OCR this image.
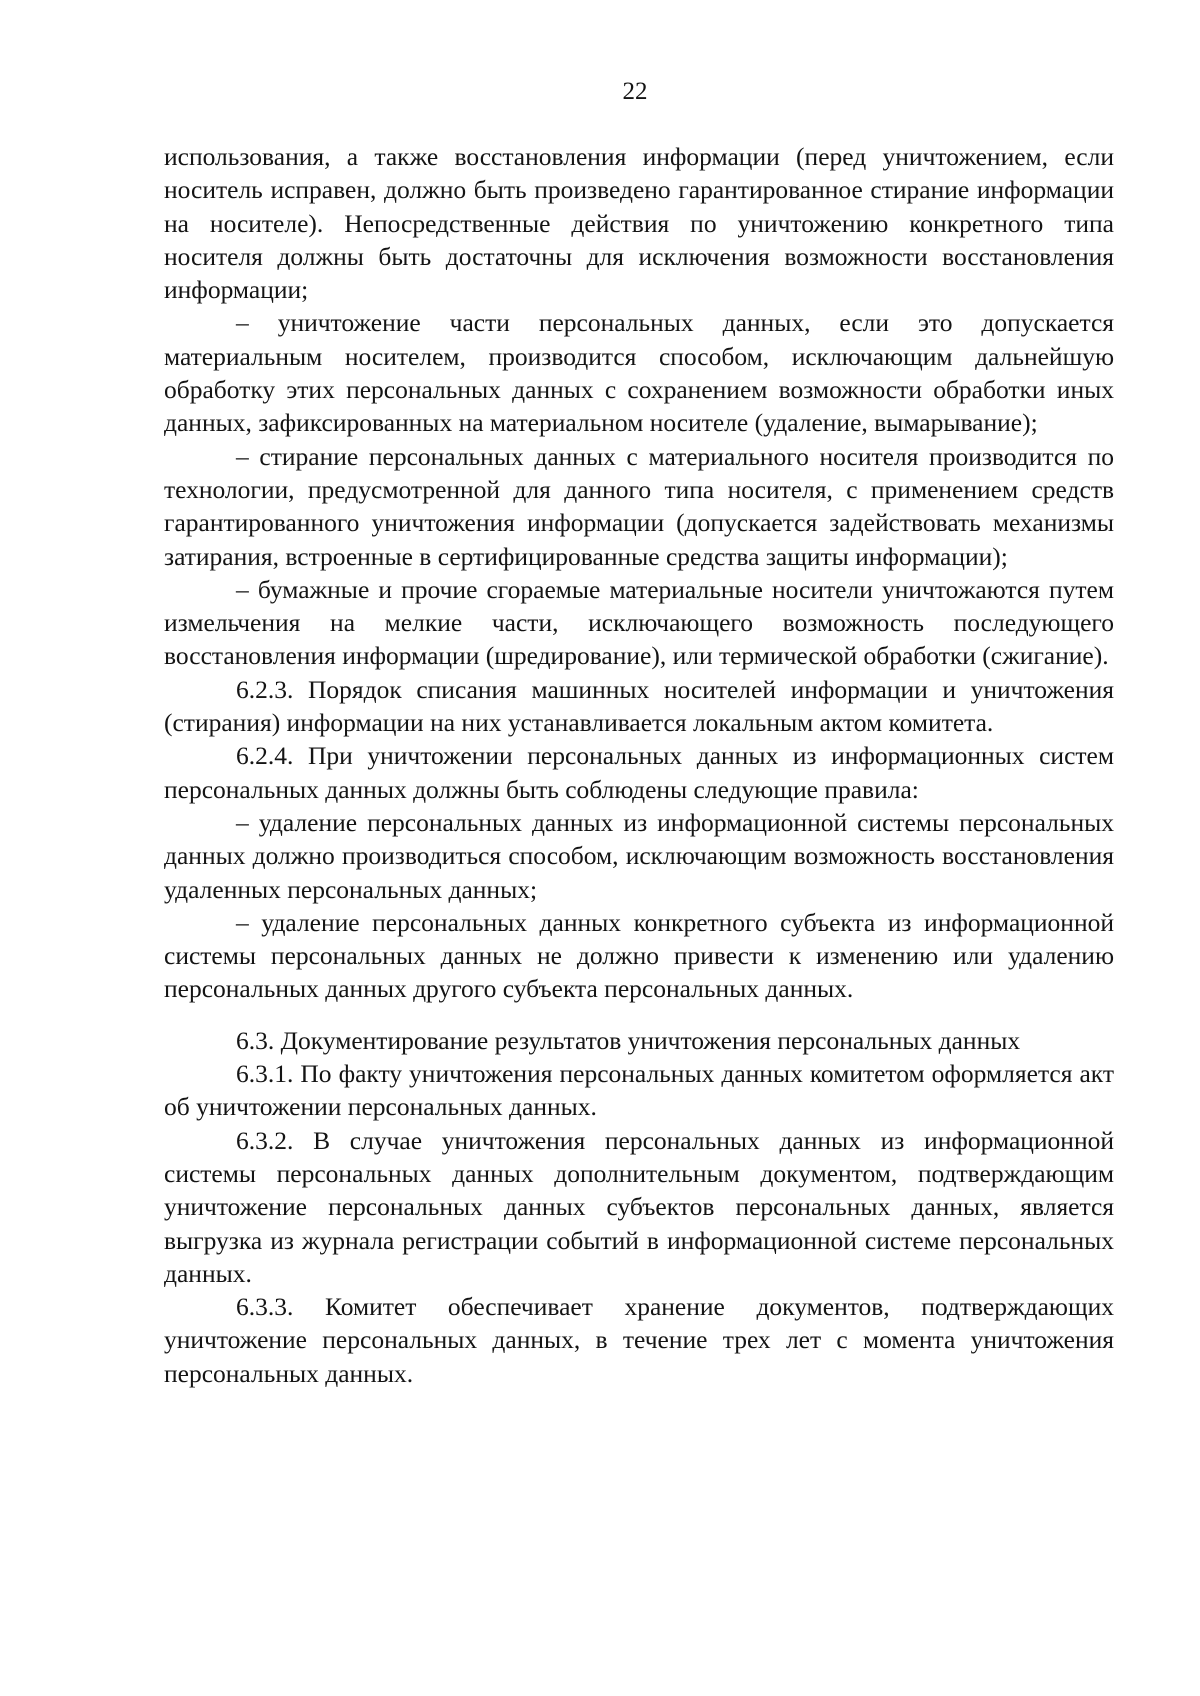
22

использования, а также восстановления информации (перед уничтожением, если носитель исправен, должно быть произведено гарантированное стирание информации на носителе). Непосредственные действия по уничтожению конкретного типа носителя должны быть достаточны для исключения возможности восстановления информации;

– уничтожение части персональных данных, если это допускается материальным носителем, производится способом, исключающим дальнейшую обработку этих персональных данных с сохранением возможности обработки иных данных, зафиксированных на материальном носителе (удаление, вымарывание);

– стирание персональных данных с материального носителя производится по технологии, предусмотренной для данного типа носителя, с применением средств гарантированного уничтожения информации (допускается задействовать механизмы затирания, встроенные в сертифицированные средства защиты информации);

– бумажные и прочие сгораемые материальные носители уничтожаются путем измельчения на мелкие части, исключающего возможность последующего восстановления информации (шредирование), или термической обработки (сжигание).

6.2.3. Порядок списания машинных носителей информации и уничтожения (стирания) информации на них устанавливается локальным актом комитета.

6.2.4. При уничтожении персональных данных из информационных систем персональных данных должны быть соблюдены следующие правила:

– удаление персональных данных из информационной системы персональных данных должно производиться способом, исключающим возможность восстановления удаленных персональных данных;

– удаление персональных данных конкретного субъекта из информационной системы персональных данных не должно привести к изменению или удалению персональных данных другого субъекта персональных данных.

6.3. Документирование результатов уничтожения персональных данных

6.3.1. По факту уничтожения персональных данных комитетом оформляется акт об уничтожении персональных данных.

6.3.2. В случае уничтожения персональных данных из информационной системы персональных данных дополнительным документом, подтверждающим уничтожение персональных данных субъектов персональных данных, является выгрузка из журнала регистрации событий в информационной системе персональных данных.

6.3.3. Комитет обеспечивает хранение документов, подтверждающих уничтожение персональных данных, в течение трех лет с момента уничтожения персональных данных.
